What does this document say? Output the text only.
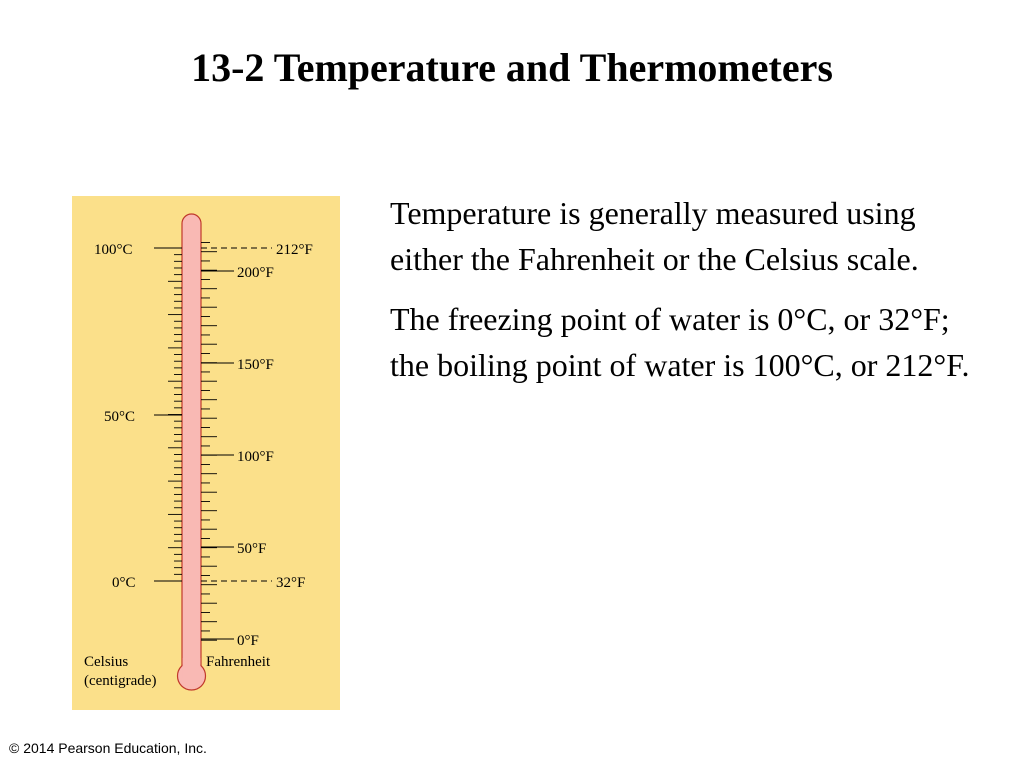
13-2 Temperature and Thermometers
100°C
50°C
0°C
212°F
200°F
150°F
100°F
50°F
32°F
0°F
Celsius
(centigrade)
Fahrenheit

Temperature is generally measured using either the Fahrenheit or the Celsius scale.

The freezing point of water is 0°C, or 32°F; the boiling point of water is 100°C, or 212°F.

© 2014 Pearson Education, Inc.
